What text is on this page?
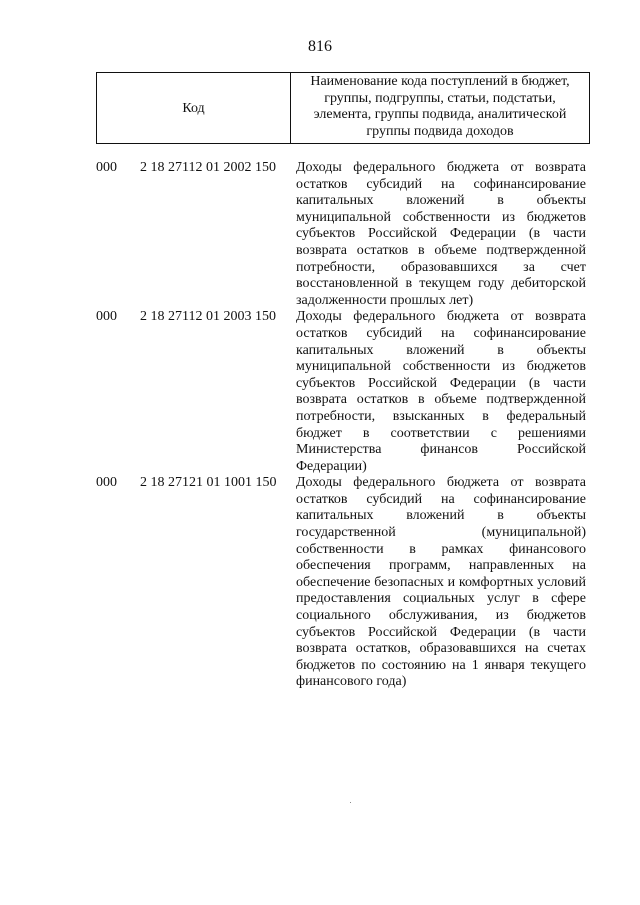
816
Код
Наименование кода поступлений в бюджет, группы, подгруппы, статьи, подстатьи, элемента, группы подвида, аналитической группы подвида доходов
000	2 18 27112 01 2002 150	Доходы федерального бюджета от возврата остатков субсидий на софинансирование капитальных вложений в объекты муниципальной собственности из бюджетов субъектов Российской Федерации (в части возврата остатков в объеме подтвержденной потребности, образовавшихся за счет восстановленной в текущем году дебиторской задолженности прошлых лет)
000	2 18 27112 01 2003 150	Доходы федерального бюджета от возврата остатков субсидий на софинансирование капитальных вложений в объекты муниципальной собственности из бюджетов субъектов Российской Федерации (в части возврата остатков в объеме подтвержденной потребности, взысканных в федеральный бюджет в соответствии с решениями Министерства финансов Российской Федерации)
000	2 18 27121 01 1001 150	Доходы федерального бюджета от возврата остатков субсидий на софинансирование капитальных вложений в объекты государственной (муниципальной) собственности в рамках финансового обеспечения программ, направленных на обеспечение безопасных и комфортных условий предоставления социальных услуг в сфере социального обслуживания, из бюджетов субъектов Российской Федерации (в части возврата остатков, образовавшихся на счетах бюджетов по состоянию на 1 января текущего финансового года)
